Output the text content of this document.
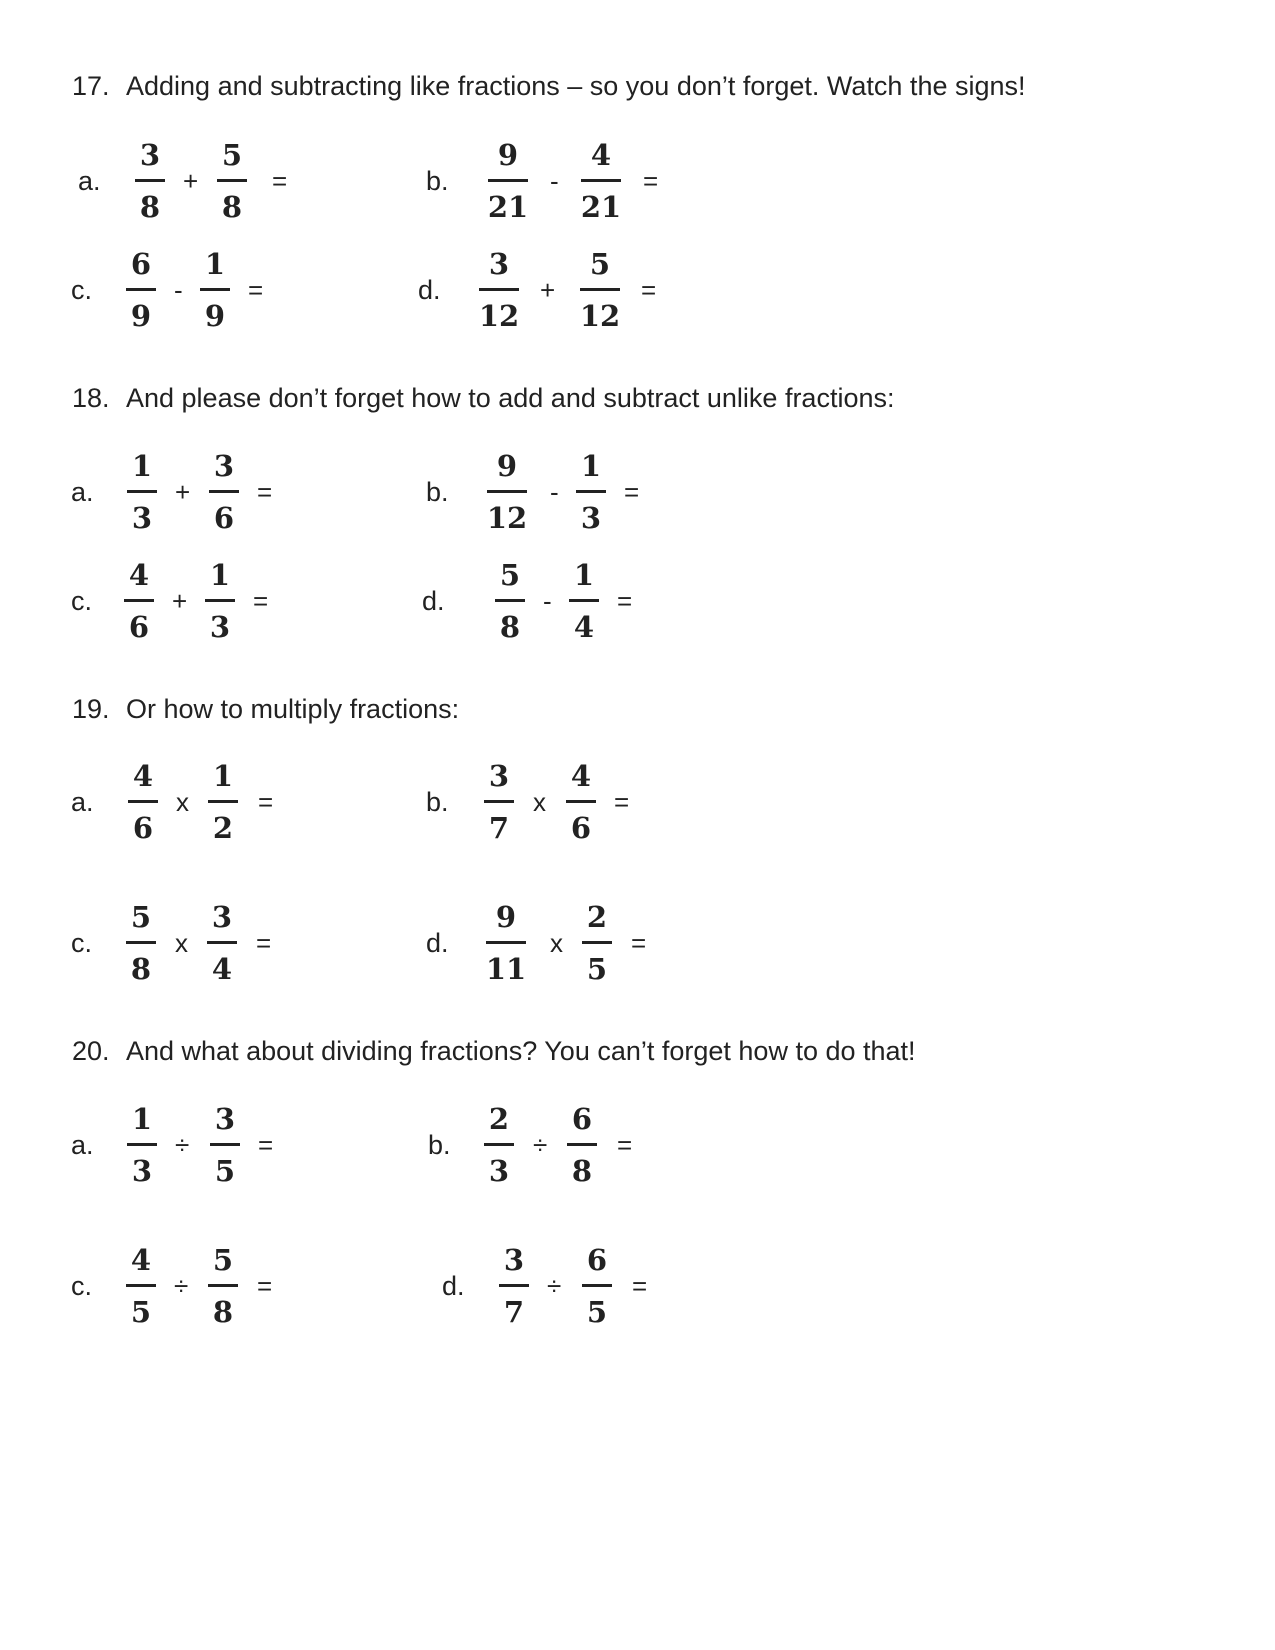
17. Adding and subtracting like fractions – so you don’t forget. Watch the signs!
a.
3
8
+
5
8
=	b.
9
21
-
4
21
=
c.
6
9
-
1
9
=	d.
3
12
+
5
12
=
18. And please don’t forget how to add and subtract unlike fractions:
a.
1
3
+
3
6
=	b.
9
12
-
1
3
=
c.
4
6
+
1
3
=	d.
5
8
-
1
4
=
19. Or how to multiply fractions:
a.
4
6
x
1
2
=	b.
3
7
x
4
6
=
c.
5
8
x
3
4
=	d.
9
11
x
2
5
=
20. And what about dividing fractions? You can’t forget how to do that!
a.
1
3
÷
3
5
=	b.
2
3
÷
6
8
=
c.
4
5
÷
5
8
=	d.
3
7
÷
6
5
=
